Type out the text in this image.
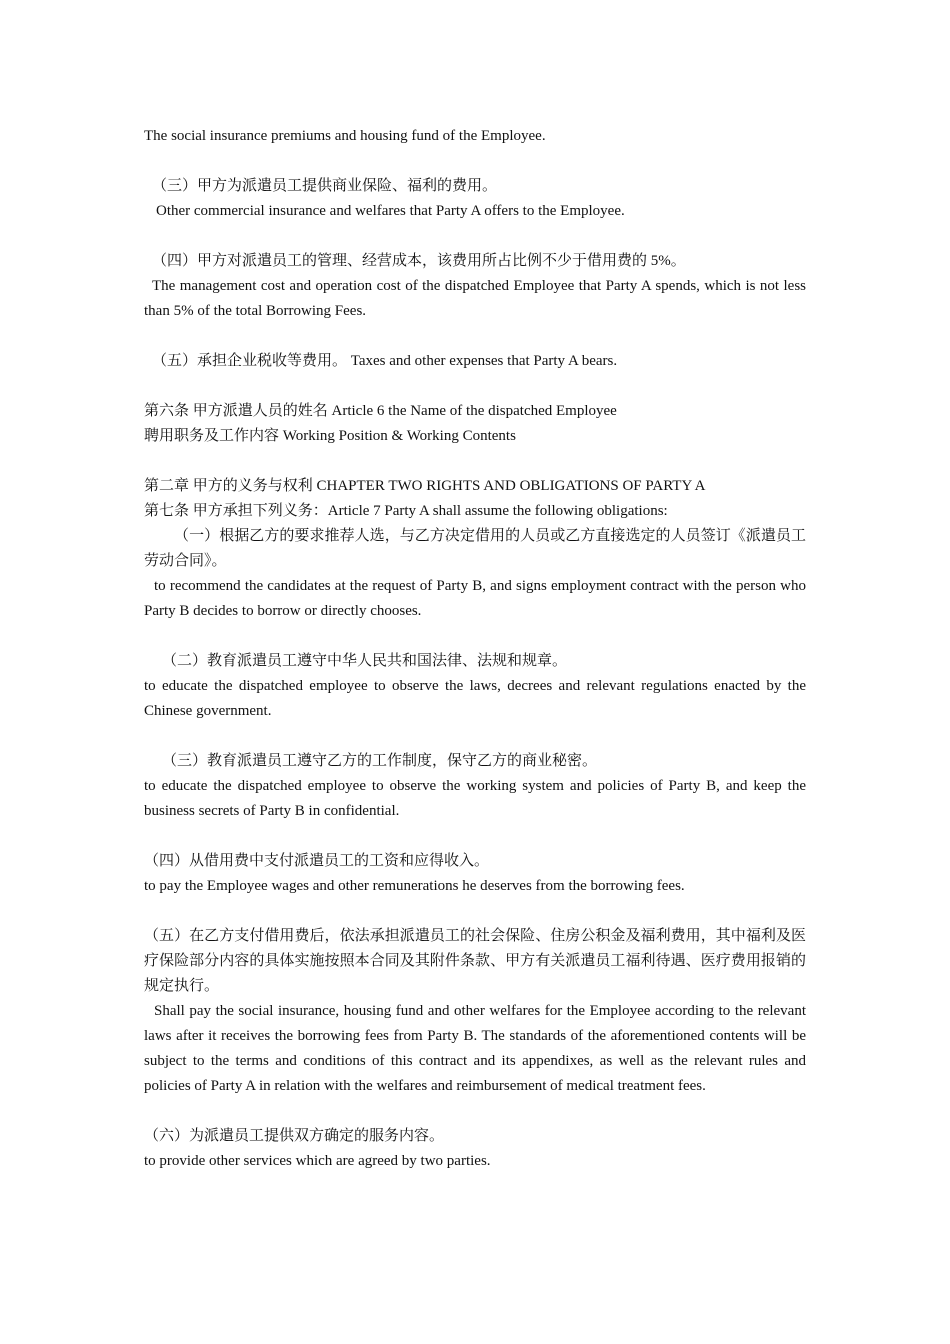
The social insurance premiums and housing fund of the Employee.
（三）甲方为派遣员工提供商业保险、福利的费用。
Other commercial insurance and welfares that Party A offers to the Employee.
（四）甲方对派遣员工的管理、经营成本，该费用所占比例不少于借用费的 5%。
The management cost and operation cost of the dispatched Employee that Party A spends, which is not less than 5% of the total Borrowing Fees.
（五）承担企业税收等费用。 Taxes and other expenses that Party A bears.
第六条 甲方派遣人员的姓名 Article 6 the Name of the dispatched Employee
聘用职务及工作内容 Working Position & Working Contents
第二章 甲方的义务与权利 CHAPTER TWO RIGHTS AND OBLIGATIONS OF PARTY A
第七条 甲方承担下列义务：Article 7 Party A shall assume the following obligations:
（一）根据乙方的要求推荐人选，与乙方决定借用的人员或乙方直接选定的人员签订《派遣员工劳动合同》。
to recommend the candidates at the request of Party B, and signs employment contract with the person who Party B decides to borrow or directly chooses.
（二）教育派遣员工遵守中华人民共和国法律、法规和规章。
to educate the dispatched employee to observe the laws, decrees and relevant regulations enacted by the Chinese government.
（三）教育派遣员工遵守乙方的工作制度，保守乙方的商业秘密。
to educate the dispatched employee to observe the working system and policies of Party B, and keep the business secrets of Party B in confidential.
（四）从借用费中支付派遣员工的工资和应得收入。
to pay the Employee wages and other remunerations he deserves from the borrowing fees.
（五）在乙方支付借用费后，依法承担派遣员工的社会保险、住房公积金及福利费用，其中福利及医疗保险部分内容的具体实施按照本合同及其附件条款、甲方有关派遣员工福利待遇、医疗费用报销的规定执行。
Shall pay the social insurance, housing fund and other welfares for the Employee according to the relevant laws after it receives the borrowing fees from Party B. The standards of the aforementioned contents will be subject to the terms and conditions of this contract and its appendixes, as well as the relevant rules and policies of Party A in relation with the welfares and reimbursement of medical treatment fees.
（六）为派遣员工提供双方确定的服务内容。
to provide other services which are agreed by two parties.
